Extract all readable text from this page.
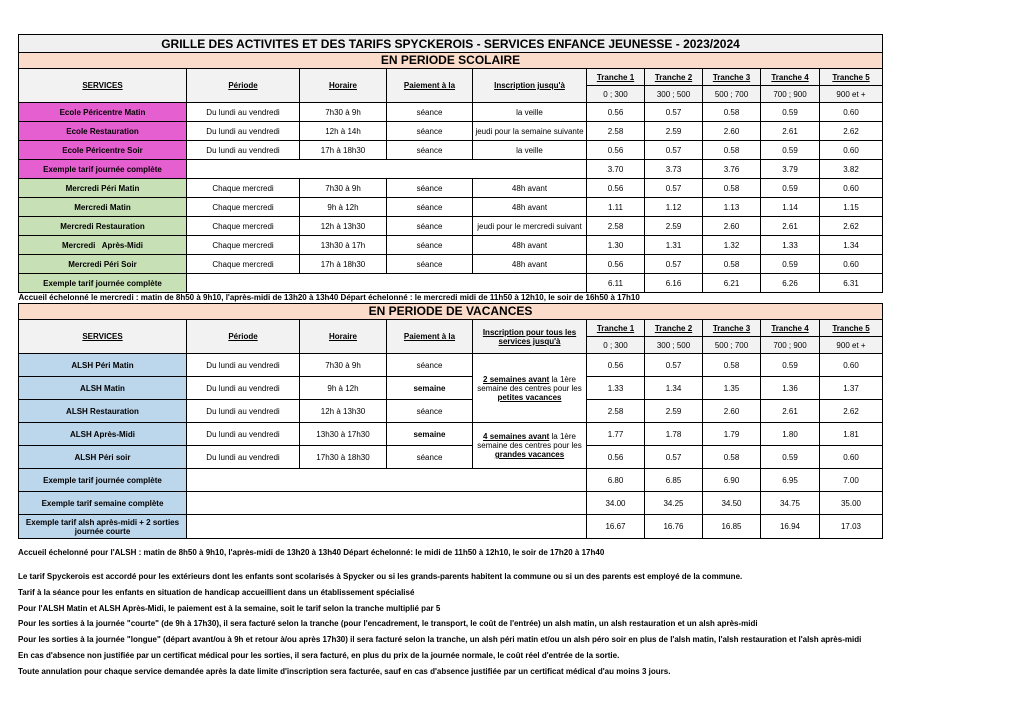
GRILLE DES ACTIVITES ET DES TARIFS SPYCKEROIS - SERVICES ENFANCE JEUNESSE - 2023/2024									
EN PERIODE SCOLAIRE									
SERVICES	Période	Horaire	Paiement à la	Inscription jusqu'à	Tranche 1	Tranche 2	Tranche 3	Tranche 4	Tranche 5
					0 ; 300	300 ; 500	500 ; 700	700 ; 900	900 et +
Ecole Péricentre Matin	Du lundi au vendredi	7h30 à 9h	séance	la veille	0.56	0.57	0.58	0.59	0.60
Ecole Restauration	Du lundi au vendredi	12h à 14h	séance	jeudi pour la semaine suivante	2.58	2.59	2.60	2.61	2.62
Ecole Péricentre Soir	Du lundi au vendredi	17h à 18h30	séance	la veille	0.56	0.57	0.58	0.59	0.60
Exemple tarif journée complète					3.70	3.73	3.76	3.79	3.82
Mercredi Péri Matin	Chaque mercredi	7h30 à 9h	séance	48h avant	0.56	0.57	0.58	0.59	0.60
Mercredi Matin	Chaque mercredi	9h à 12h	séance	48h avant	1.11	1.12	1.13	1.14	1.15
Mercredi Restauration	Chaque mercredi	12h à 13h30	séance	jeudi pour le mercredi suivant	2.58	2.59	2.60	2.61	2.62
Mercredi   Après-Midi	Chaque mercredi	13h30 à 17h	séance	48h avant	1.30	1.31	1.32	1.33	1.34
Mercredi Péri Soir	Chaque mercredi	17h à 18h30	séance	48h avant	0.56	0.57	0.58	0.59	0.60
Exemple tarif journée complète					6.11	6.16	6.21	6.26	6.31
Accueil échelonné le mercredi : matin de 8h50 à 9h10, l'après-midi de 13h20 à 13h40 Départ échelonné : le mercredi midi de 11h50 à 12h10, le soir de 16h50 à 17h10									
EN PERIODE DE VACANCES									
SERVICES	Période	Horaire	Paiement à la	Inscription pour tous les services jusqu'à	Tranche 1	Tranche 2	Tranche 3	Tranche 4	Tranche 5
					0 ; 300	300 ; 500	500 ; 700	700 ; 900	900 et +
ALSH Péri Matin	Du lundi au vendredi	7h30 à 9h	séance	2 semaines avant la 1ère semaine des centres pour les petites vacances	0.56	0.57	0.58	0.59	0.60
ALSH Matin	Du lundi au vendredi	9h à 12h	semaine		1.33	1.34	1.35	1.36	1.37
ALSH Restauration	Du lundi au vendredi	12h à 13h30	séance		2.58	2.59	2.60	2.61	2.62
ALSH Après-Midi	Du lundi au vendredi	13h30 à 17h30	semaine	4 semaines avant la 1ère semaine des centres pour les grandes vacances	1.77	1.78	1.79	1.80	1.81
ALSH Péri soir	Du lundi au vendredi	17h30 à 18h30	séance		0.56	0.57	0.58	0.59	0.60
Exemple tarif journée complète					6.80	6.85	6.90	6.95	7.00
Exemple tarif semaine complète					34.00	34.25	34.50	34.75	35.00
Exemple tarif alsh après-midi + 2 sorties journée courte					16.67	16.76	16.85	16.94	17.03
Accueil échelonné pour l'ALSH : matin de 8h50 à 9h10, l'après-midi de 13h20 à 13h40 Départ échelonné: le midi de 11h50 à 12h10, le soir de 17h20 à 17h40
Le tarif Spyckerois est accordé pour les extérieurs dont les enfants sont scolarisés à Spycker ou si les grands-parents habitent la commune ou si un des parents est employé de la commune.
Tarif à la séance pour les enfants en situation de handicap accueillient dans un établissement spécialisé
Pour l'ALSH Matin et ALSH Après-Midi, le paiement est à la semaine, soit le tarif selon la tranche multiplié par 5
Pour les sorties à la journée "courte" (de 9h à 17h30), il sera facturé selon la tranche (pour l'encadrement, le transport, le coût de l'entrée) un alsh matin, un alsh restauration et un alsh après-midi
Pour les sorties à la journée "longue" (départ avant/ou à 9h et retour à/ou après 17h30) il sera facturé selon la tranche, un alsh péri matin et/ou un alsh péro soir en plus de l'alsh matin, l'alsh restauration et l'alsh après-midi
En cas d'absence non justifiée par un certificat médical pour les sorties, il sera facturé, en plus du prix de la journée normale, le coût réel d'entrée de la sortie.
Toute annulation pour chaque service demandée après la date limite d'inscription sera facturée, sauf en cas d'absence justifiée par un certificat médical d'au moins 3 jours.
